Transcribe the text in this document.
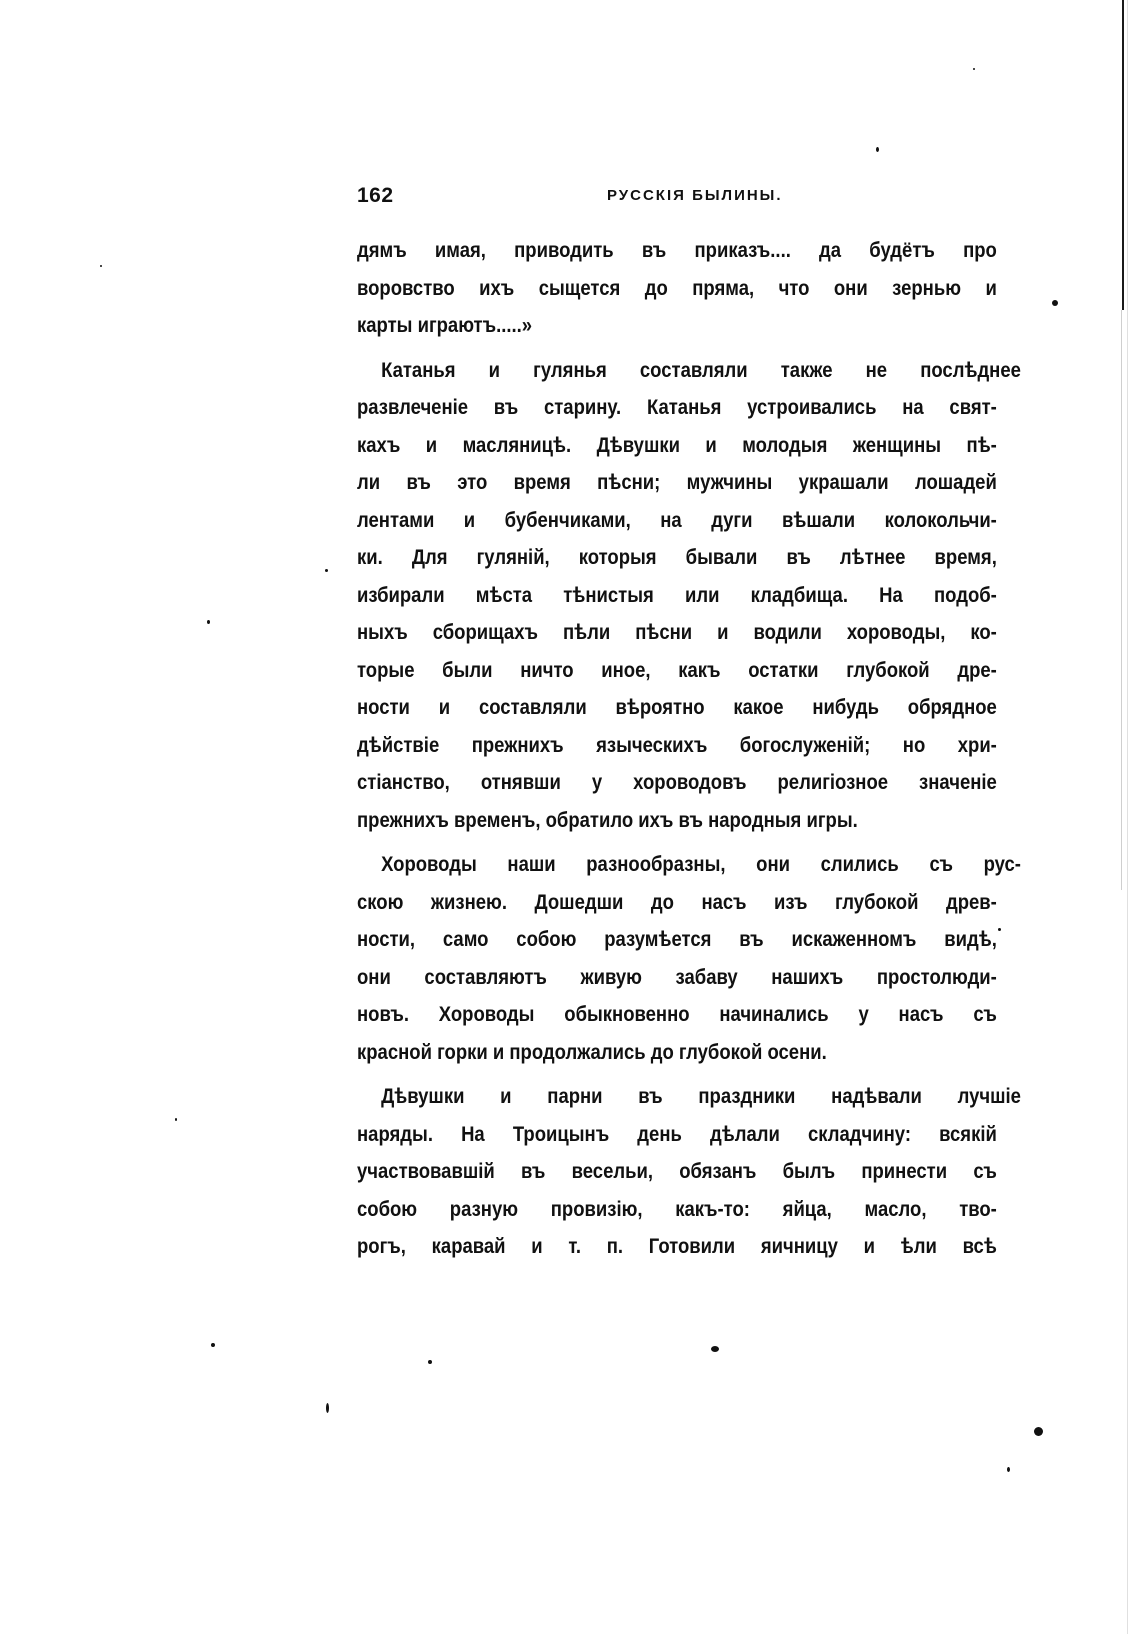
162	РУССКІЯ БЫЛИНЫ.
дямъ имая, приводить въ приказъ.... да будётъ про
воровство ихъ сыщется до пряма, что они зернью и
карты играютъ.....»
Катанья и гулянья составляли также не послѣднее
развлеченіе въ старину. Катанья устроивались на свят-
кахъ и масляницѣ. Дѣвушки и молодыя женщины пѣ-
ли въ это время пѣсни; мужчины украшали лошадей
лентами и бубенчиками, на дуги вѣшали колокольчи-
ки. Для гуляній, которыя бывали въ лѣтнее время,
избирали мѣста тѣнистыя или кладбища. На подоб-
ныхъ сборищахъ пѣли пѣсни и водили хороводы, ко-
торые были ничто иное, какъ остатки глубокой дре-
ности и составляли вѣроятно какое нибудь обрядное
дѣйствіе прежнихъ языческихъ богослуженій; но хри-
стіанство, отнявши у хороводовъ религіозное значеніе
прежнихъ временъ, обратило ихъ въ народныя игры.
Хороводы наши разнообразны, они слились съ рус-
скою жизнею. Дошедши до насъ изъ глубокой древ-
ности, само собою разумѣется въ искаженномъ видѣ,
они составляютъ живую забаву нашихъ простолюди-
новъ. Хороводы обыкновенно начинались у насъ съ
красной горки и продолжались до глубокой осени.
Дѣвушки и парни въ праздники надѣвали лучшіе
наряды. На Троицынъ день дѣлали складчину: всякій
участвовавшій въ весельи, обязанъ былъ принести съ
собою разную провизію, какъ-то: яйца, масло, тво-
рогъ, каравай и т. п. Готовили яичницу и ѣли всѣ
